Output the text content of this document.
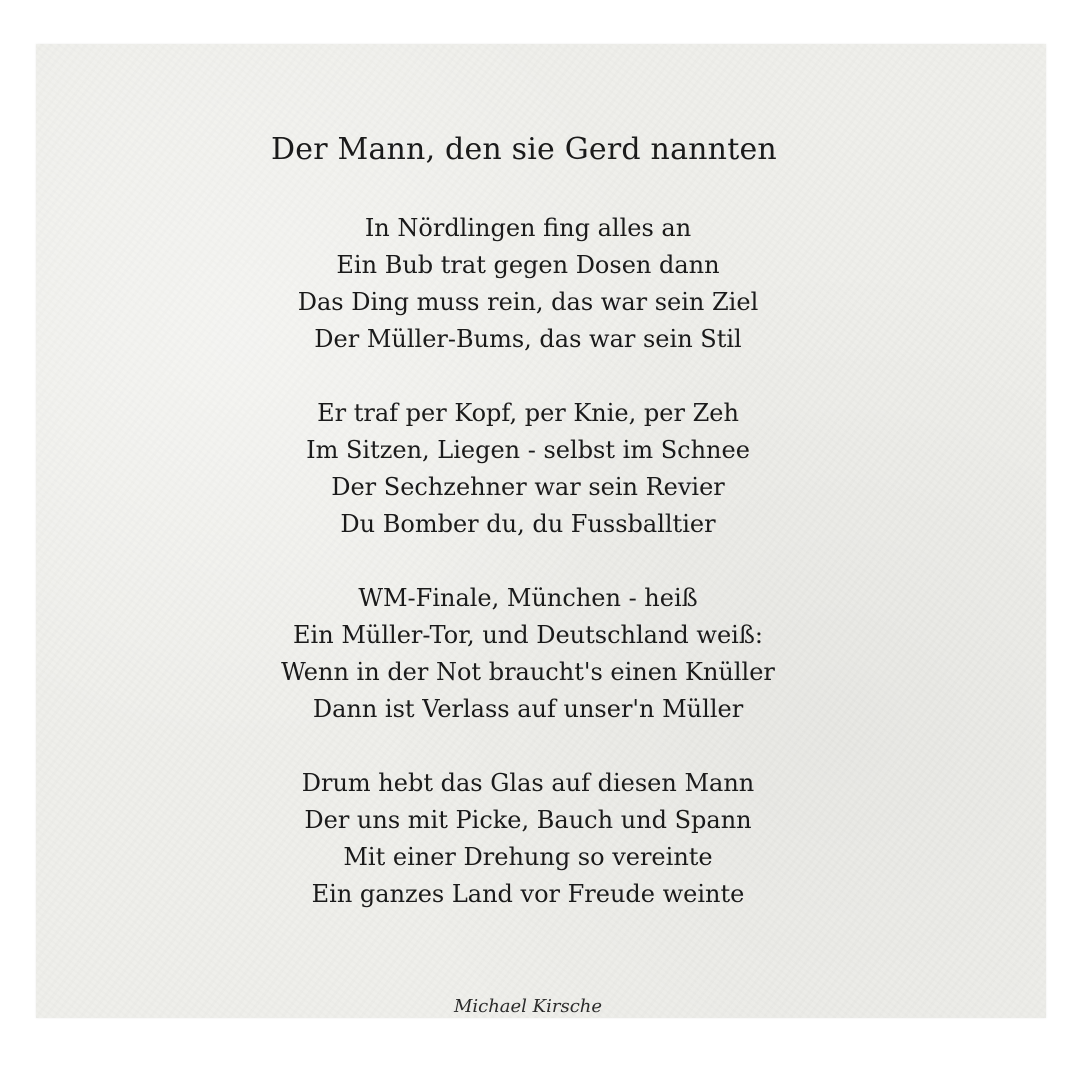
Der Mann, den sie Gerd nannten
In Nördlingen fing alles an
Ein Bub trat gegen Dosen dann
Das Ding muss rein, das war sein Ziel
Der Müller-Bums, das war sein Stil
Er traf per Kopf, per Knie, per Zeh
Im Sitzen, Liegen - selbst im Schnee
Der Sechzehner war sein Revier
Du Bomber du, du Fussballtier
WM-Finale, München - heiß
Ein Müller-Tor, und Deutschland weiß:
Wenn in der Not braucht's einen Knüller
Dann ist Verlass auf unser'n Müller
Drum hebt das Glas auf diesen Mann
Der uns mit Picke, Bauch und Spann
Mit einer Drehung so vereinte
Ein ganzes Land vor Freude weinte
Michael Kirsche
